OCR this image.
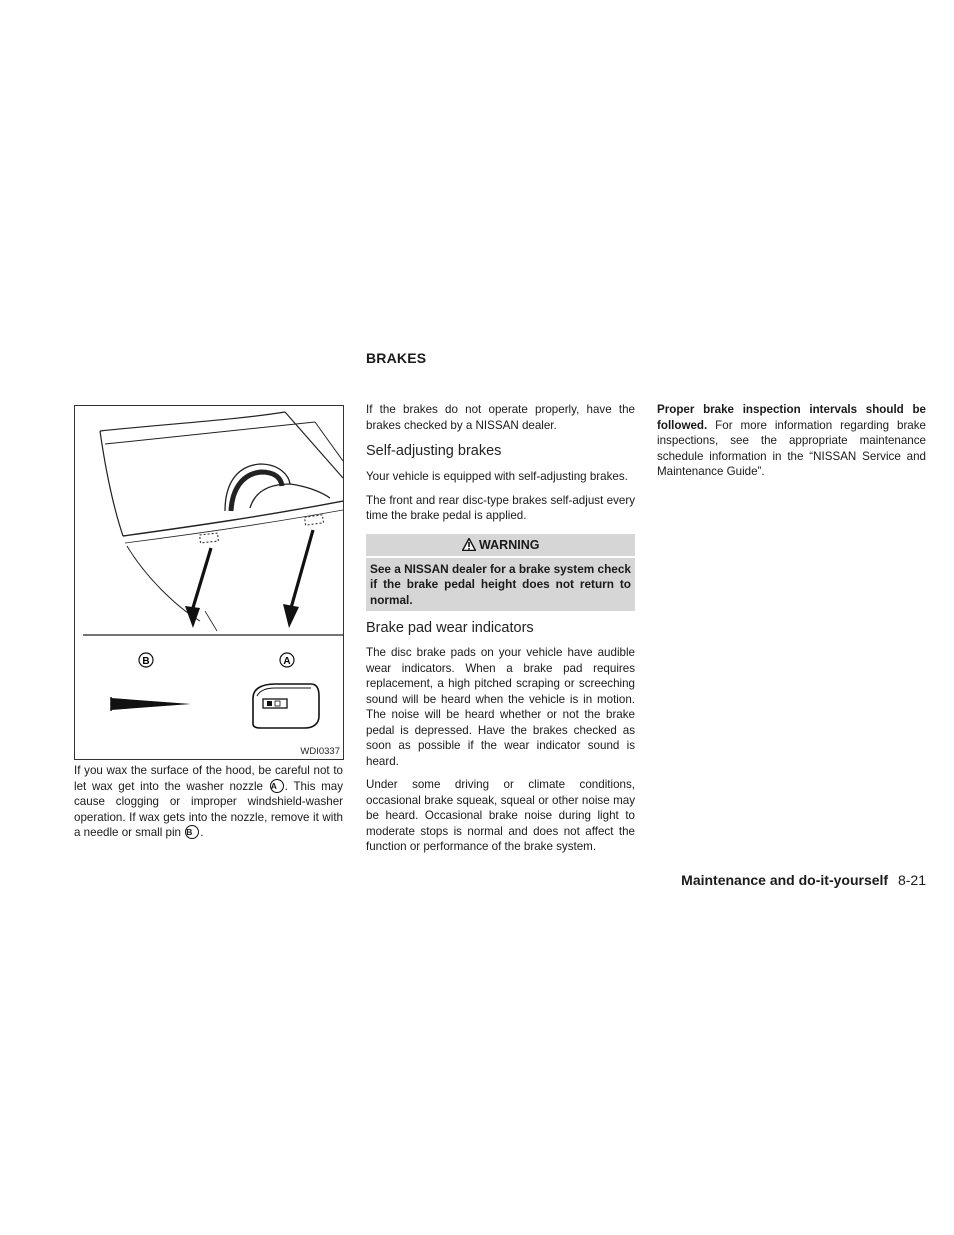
BRAKES
B	A
WDI0337
If you wax the surface of the hood, be careful not to let wax get into the washer nozzle A . This may cause clogging or improper windshield-washer operation. If wax gets into the nozzle, remove it with a needle or small pin B .

If the brakes do not operate properly, have the brakes checked by a NISSAN dealer.

Self-adjusting brakes

Your vehicle is equipped with self-adjusting brakes.

The front and rear disc-type brakes self-adjust every time the brake pedal is applied.

WARNING
See a NISSAN dealer for a brake system check if the brake pedal height does not return to normal.

Brake pad wear indicators

The disc brake pads on your vehicle have audible wear indicators. When a brake pad requires replacement, a high pitched scraping or screeching sound will be heard when the vehicle is in motion. The noise will be heard whether or not the brake pedal is depressed. Have the brakes checked as soon as possible if the wear indicator sound is heard.

Under some driving or climate conditions, occasional brake squeak, squeal or other noise may be heard. Occasional brake noise during light to moderate stops is normal and does not affect the function or performance of the brake system.

Proper brake inspection intervals should be followed. For more information regarding brake inspections, see the appropriate maintenance schedule information in the “NISSAN Service and Maintenance Guide”.
Maintenance and do-it-yourself 8-21
